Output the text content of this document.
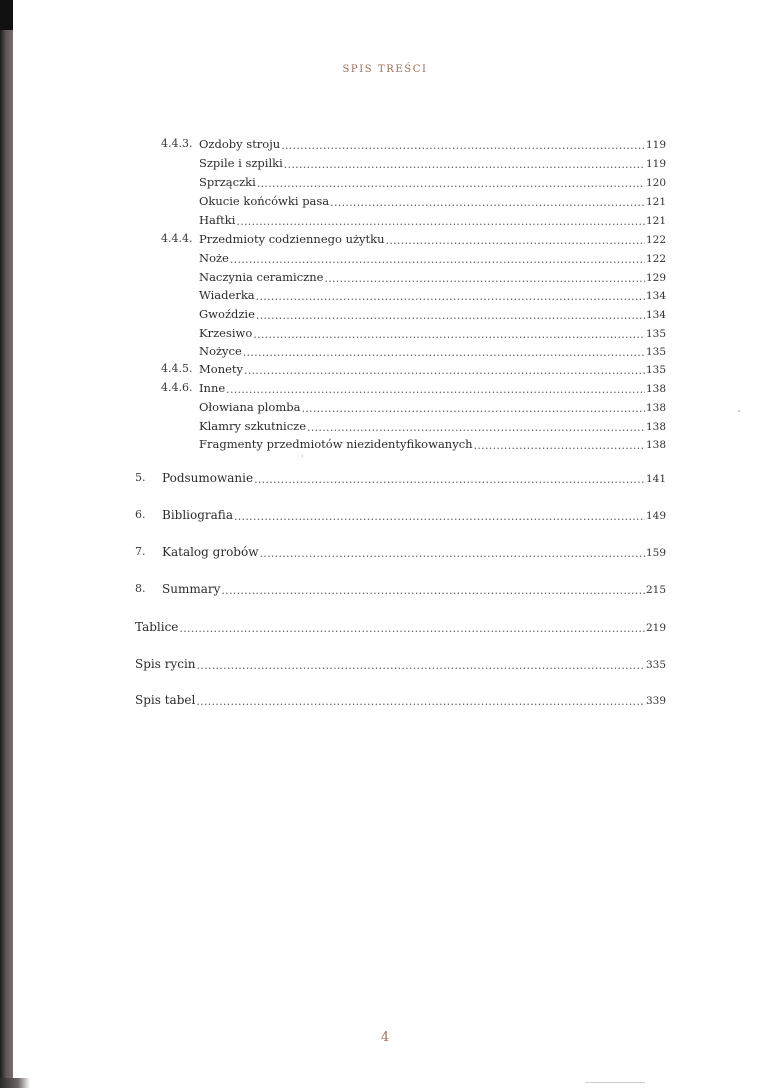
SPIS TREŚCI
4.4.3. Ozdoby stroju . . .	119
Szpile i szpilki . . .	119
Sprzączki . . .	120
Okucie końcówki pasa . . .	121
Haftki . . .	121
4.4.4. Przedmioty codziennego użytku . . .	122
Noże . . .	122
Naczynia ceramiczne . . .	129
Wiaderka . . .	134
Gwoździe . . .	134
Krzesiwo . . .	135
Nożyce . . .	135
4.4.5. Monety . . .	135
4.4.6. Inne . . .	138
Ołowiana plomba . . .	138
Klamry szkutnicze . . .	138
Fragmenty przedmiotów niezidentyfikowanych . . .	138
5. Podsumowanie . . .	141
6. Bibliografia . . .	149
7. Katalog grobów . . .	159
8. Summary . . .	215
Tablice . . .	219
Spis rycin . . .	335
Spis tabel . . .	339
4
